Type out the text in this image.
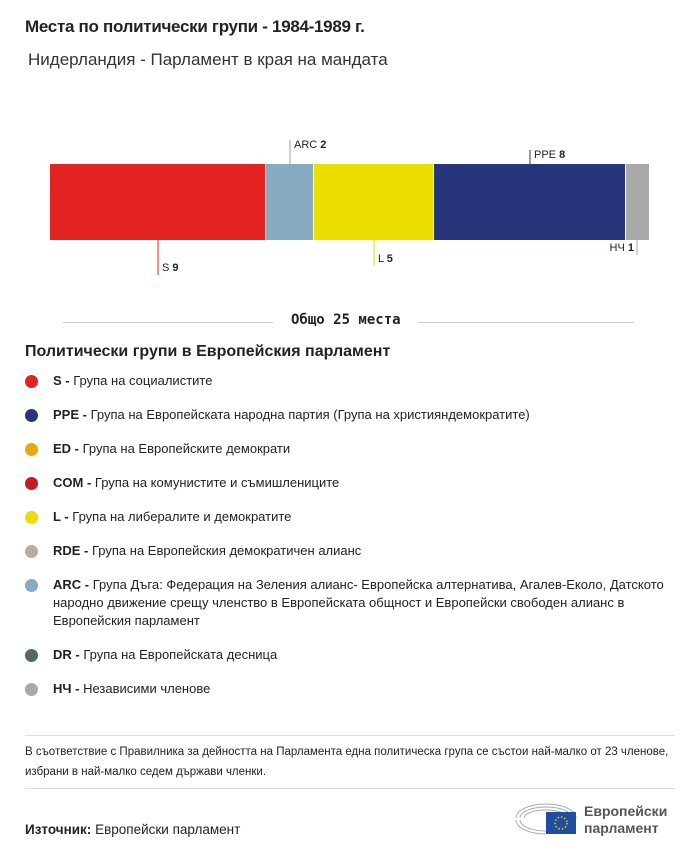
Места по политически групи - 1984-1989 г.
Нидерландия - Парламент в края на мандата
S 9
ARC 2
L 5
PPE 8
НЧ 1
Общо 25 места
Политически групи в Европейския парламент
S - Група на социалистите
PPE - Група на Европейската народна партия (Група на християндемократите)
ED - Група на Европейските демократи
COM - Група на комунистите и съмишлениците
L - Група на либералите и демократите
RDE - Група на Европейския демократичен алианс
ARC - Група Дъга: Федерация на Зеления алианс- Европейска алтернатива, Агалев-Еколо, Датското народно движение срещу членство в Европейската общност и Европейски свободен алианс в Европейския парламент
DR - Група на Европейската десница
НЧ - Независими членове
В съответствие с Правилника за дейността на Парламента една политическа група се състои най-малко от 23 членове, избрани в най-малко седем държави членки.
Източник: Европейски парламент
Европейски
парламент
